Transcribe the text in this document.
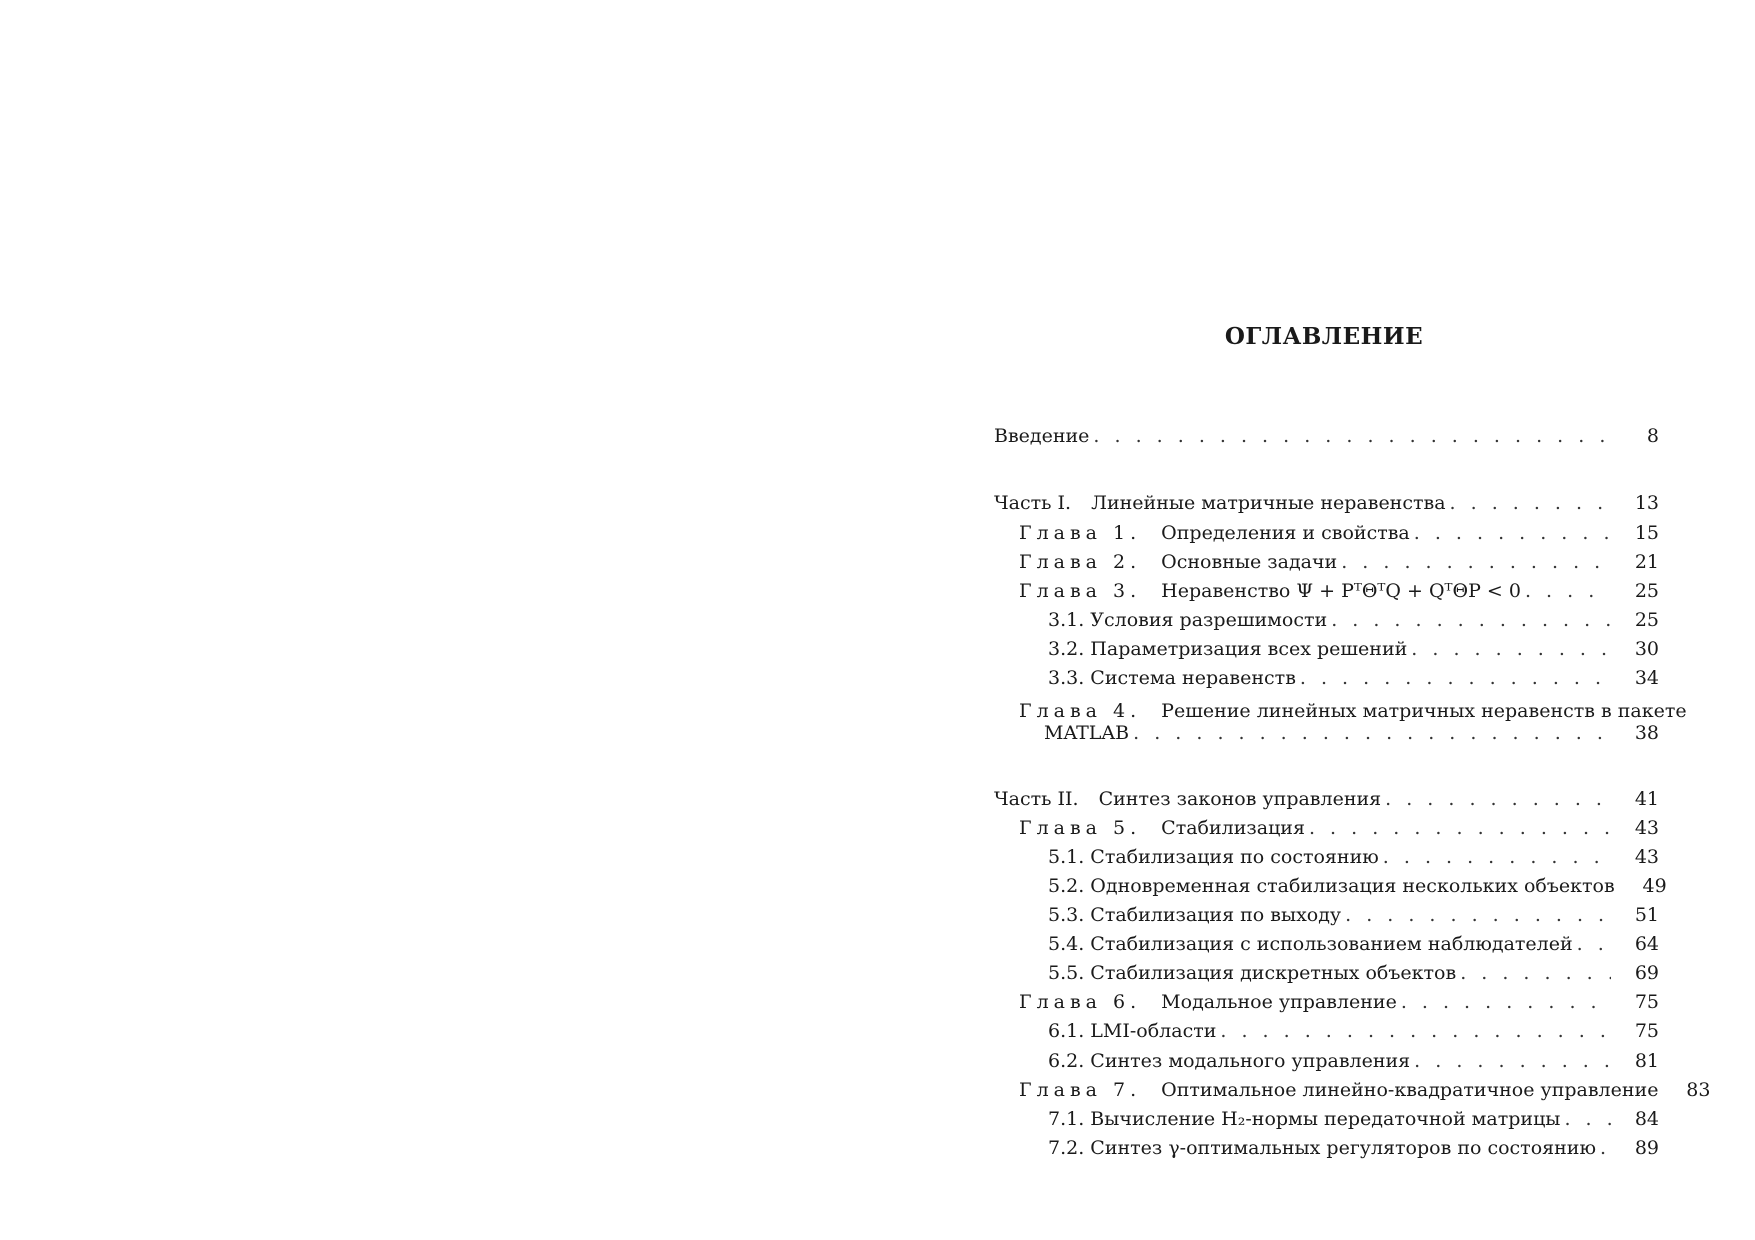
ОГЛАВЛЕНИЕ
Введение . . .	8
Часть I. Линейные матричные неравенства . . .	13
Глава 1. Определения и свойства . . .	15
Глава 2. Основные задачи . . .	21
Глава 3. Неравенство Ψ + PᵀΘᵀQ + QᵀΘP < 0 . . .	25
3.1. Условия разрешимости . . .	25
3.2. Параметризация всех решений . . .	30
3.3. Система неравенств . . .	34
Глава 4. Решение линейных матричных неравенств в пакете
MATLAB . . .	38
Часть II. Синтез законов управления . . .	41
Глава 5. Стабилизация . . .	43
5.1. Стабилизация по состоянию . . .	43
5.2. Одновременная стабилизация нескольких объектов	49
5.3. Стабилизация по выходу . . .	51
5.4. Стабилизация с использованием наблюдателей . . .	64
5.5. Стабилизация дискретных объектов . . .	69
Глава 6. Модальное управление . . .	75
6.1. LMI-области . . .	75
6.2. Синтез модального управления . . .	81
Глава 7. Оптимальное линейно-квадратичное управление	83
7.1. Вычисление H₂-нормы передаточной матрицы . . .	84
7.2. Синтез γ-оптимальных регуляторов по состоянию . . .	89
